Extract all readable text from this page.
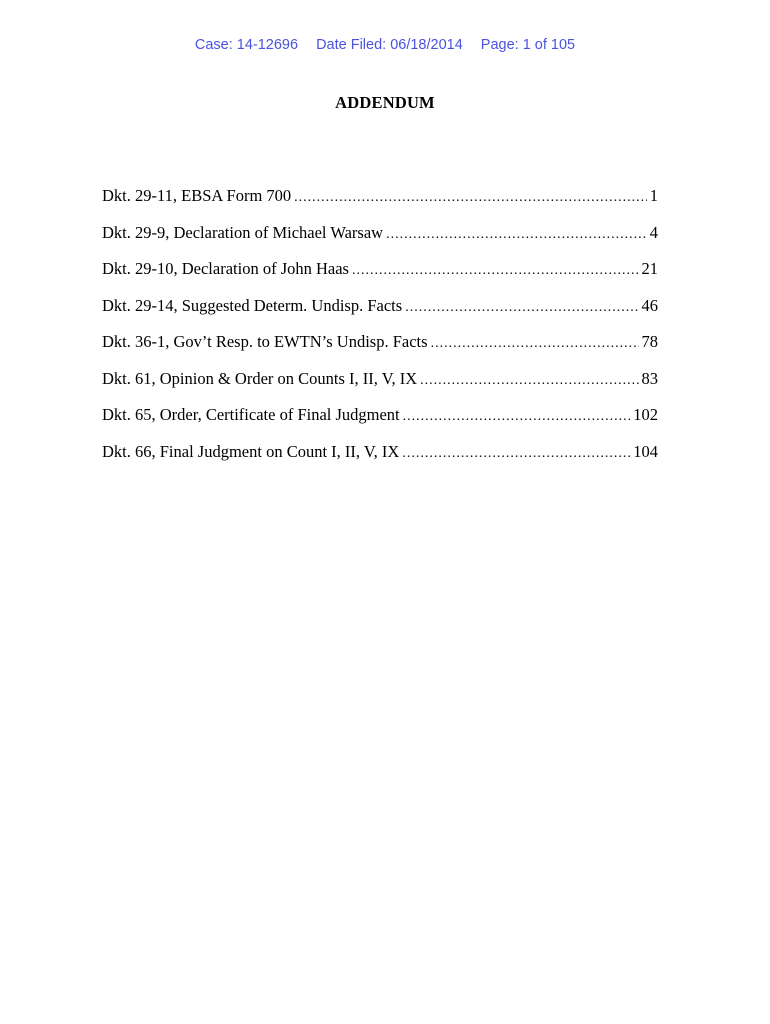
Case: 14-12696 Date Filed: 06/18/2014 Page: 1 of 105
ADDENDUM
Dkt. 29-11, EBSA Form 700 .....	1
Dkt. 29-9, Declaration of Michael Warsaw .....	4
Dkt. 29-10, Declaration of John Haas .....	21
Dkt. 29-14, Suggested Determ. Undisp. Facts .....	46
Dkt. 36-1, Gov’t Resp. to EWTN’s Undisp. Facts .....	78
Dkt. 61, Opinion & Order on Counts I, II, V, IX .....	83
Dkt. 65, Order, Certificate of Final Judgment .....	102
Dkt. 66, Final Judgment on Count I, II, V, IX .....	104
